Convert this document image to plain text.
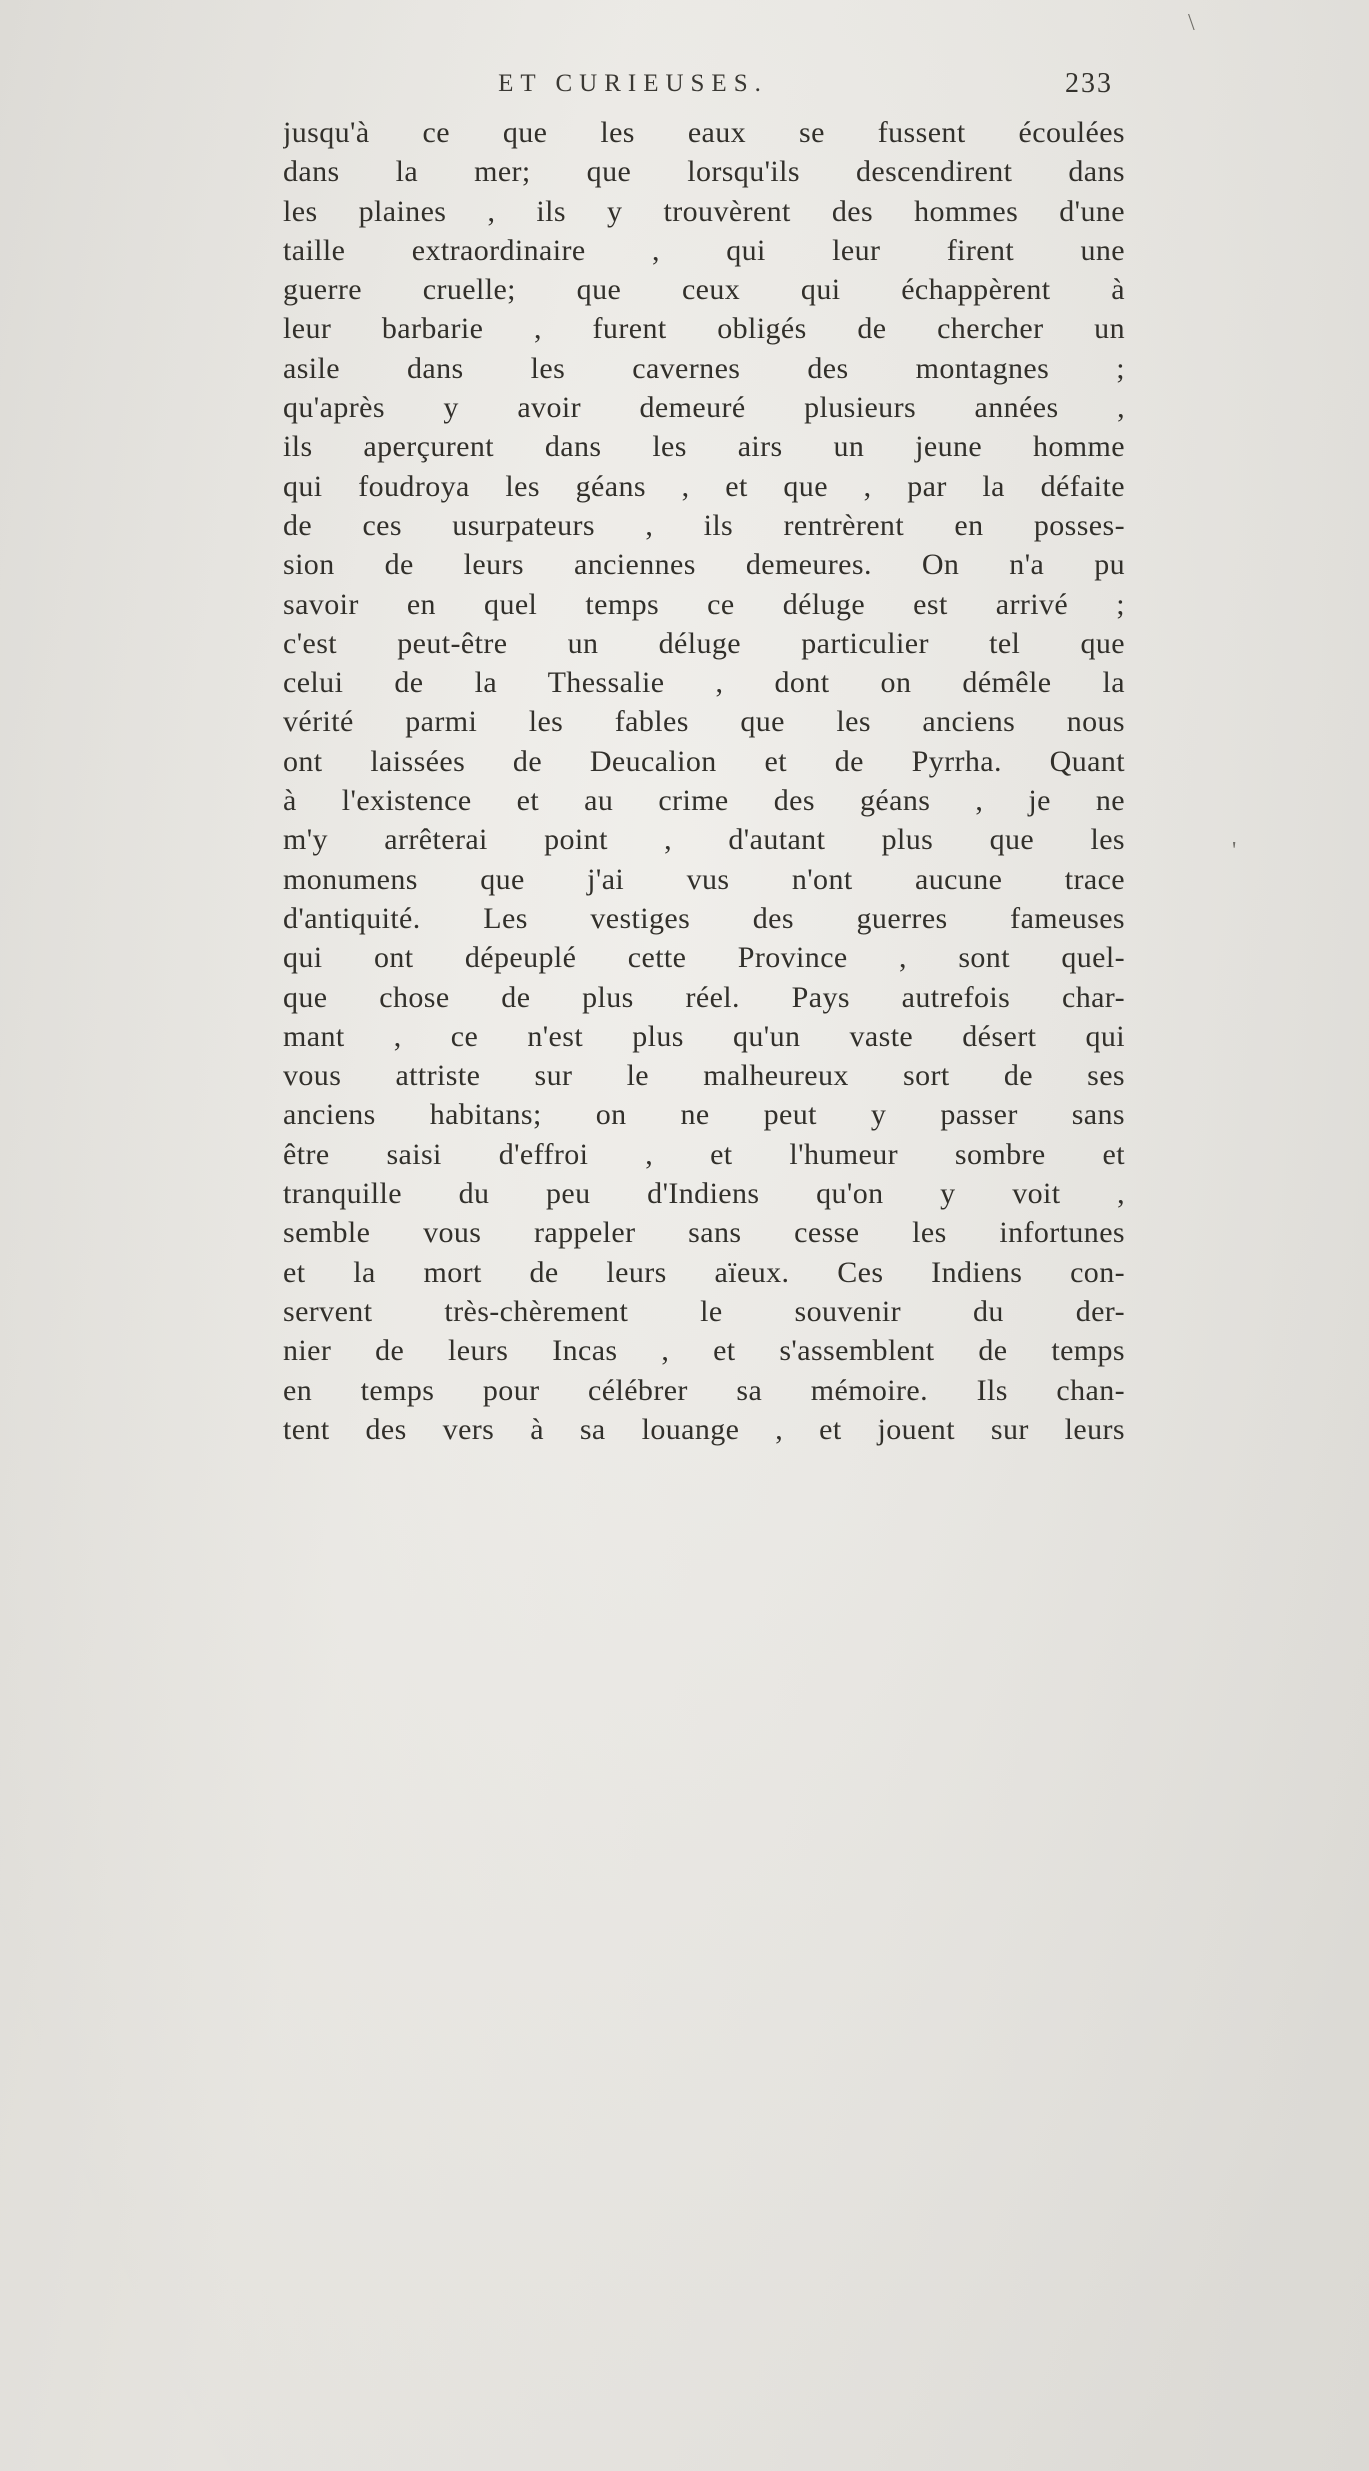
ET CURIEUSES.	233
jusqu'à ce que les eaux se fussent écoulées
dans la mer; que lorsqu'ils descendirent dans
les plaines , ils y trouvèrent des hommes d'une
taille extraordinaire , qui leur firent une
guerre cruelle; que ceux qui échappèrent à
leur barbarie , furent obligés de chercher un
asile dans les cavernes des montagnes ;
qu'après y avoir demeuré plusieurs années ,
ils aperçurent dans les airs un jeune homme
qui foudroya les géans , et que , par la défaite
de ces usurpateurs , ils rentrèrent en posses-
sion de leurs anciennes demeures. On n'a pu
savoir en quel temps ce déluge est arrivé ;
c'est peut-être un déluge particulier tel que
celui de la Thessalie , dont on démêle la
vérité parmi les fables que les anciens nous
ont laissées de Deucalion et de Pyrrha. Quant
à l'existence et au crime des géans , je ne
m'y arrêterai point , d'autant plus que les
monumens que j'ai vus n'ont aucune trace
d'antiquité. Les vestiges des guerres fameuses
qui ont dépeuplé cette Province , sont quel-
que chose de plus réel. Pays autrefois char-
mant , ce n'est plus qu'un vaste désert qui
vous attriste sur le malheureux sort de ses
anciens habitans; on ne peut y passer sans
être saisi d'effroi , et l'humeur sombre et
tranquille du peu d'Indiens qu'on y voit ,
semble vous rappeler sans cesse les infortunes
et la mort de leurs aïeux. Ces Indiens con-
servent très-chèrement le souvenir du der-
nier de leurs Incas , et s'assemblent de temps
en temps pour célébrer sa mémoire. Ils chan-
tent des vers à sa louange , et jouent sur leurs
\
'
